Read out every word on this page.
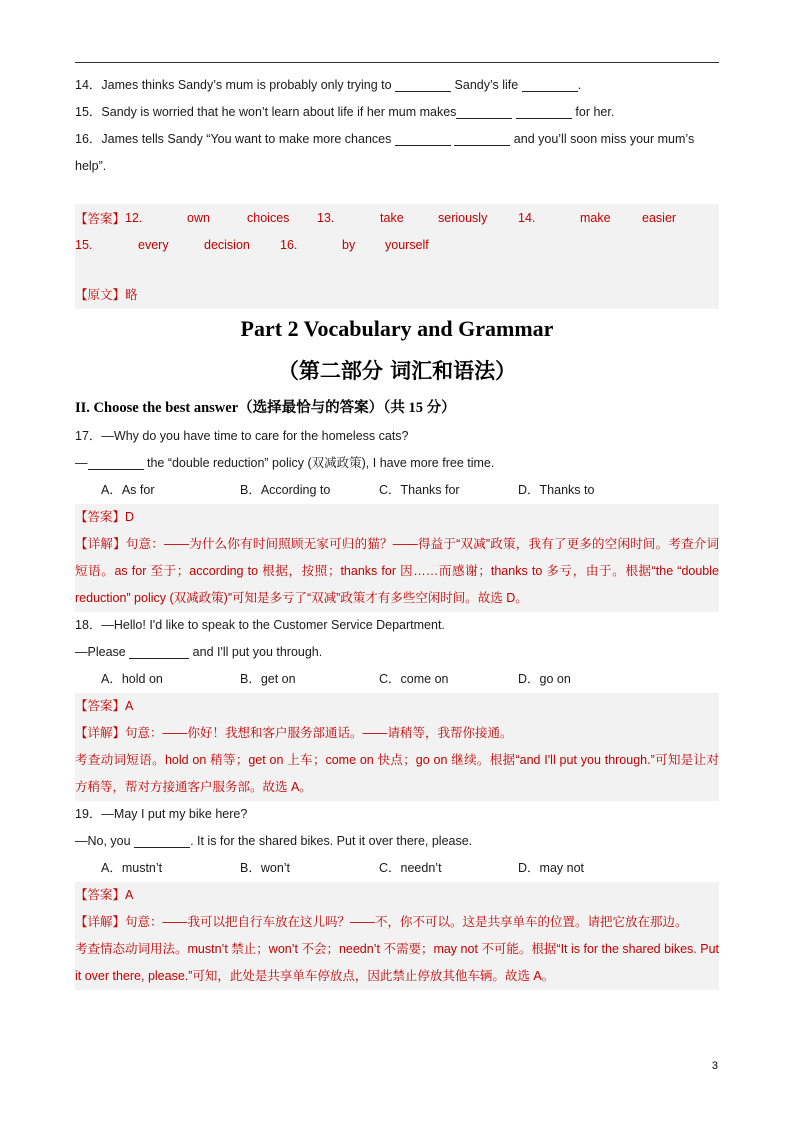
14．James thinks Sandy’s mum is probably only trying to	Sandy’s life	.
15．Sandy is worried that he won’t learn about life if her mum makes	for her.
16．James tells Sandy “You want to make more chances	and you’ll soon miss your mum’s
help”.
【答案】 12.	own	choices	13.	take	seriously	14.	make	easier
15.	every	decision	16.	by	yourself
【原文】略
Part 2 Vocabulary and Grammar
（第二部分 词汇和语法）
II. Choose the best answer（选择最恰与的答案）（共 15 分）
17．—Why do you have time to care for the homeless cats?
—	the “double reduction” policy (双减政策), I have more free time.
A．As for	B．According to	C．Thanks for	D．Thanks to
【答案】D
【详解】句意：——为什么你有时间照顾无家可归的猫？——得益于“双减”政策，我有了更多的空闲时间。考查介词短语。as for 至于；according to 根据，按照；thanks for 因……而感谢；thanks to 多亏，由于。根据“the “double reduction” policy (双减政策)”可知是多亏了“双减”政策才有多些空闲时间。故选 D。
18．—Hello! I'd like to speak to the Customer Service Department.
—Please	and I'll put you through.
A．hold on	B．get on	C．come on	D．go on
【答案】A
【详解】句意：——你好！我想和客户服务部通话。——请稍等，我帮你接通。
考查动词短语。hold on 稍等；get on 上车；come on 快点；go on 继续。根据“and I'll put you through.”可知是让对方稍等，帮对方接通客户服务部。故选 A。
19．—May I put my bike here?
—No, you	. It is for the shared bikes. Put it over there, please.
A．mustn’t	B．won’t	C．needn’t	D．may not
【答案】A
【详解】句意：——我可以把自行车放在这儿吗？——不，你不可以。这是共享单车的位置。请把它放在那边。
考查情态动词用法。mustn’t 禁止；won’t 不会；needn’t 不需要；may not 不可能。根据“It is for the shared bikes. Put it over there, please.”可知，此处是共享单车停放点，因此禁止停放其他车辆。故选 A。
3
